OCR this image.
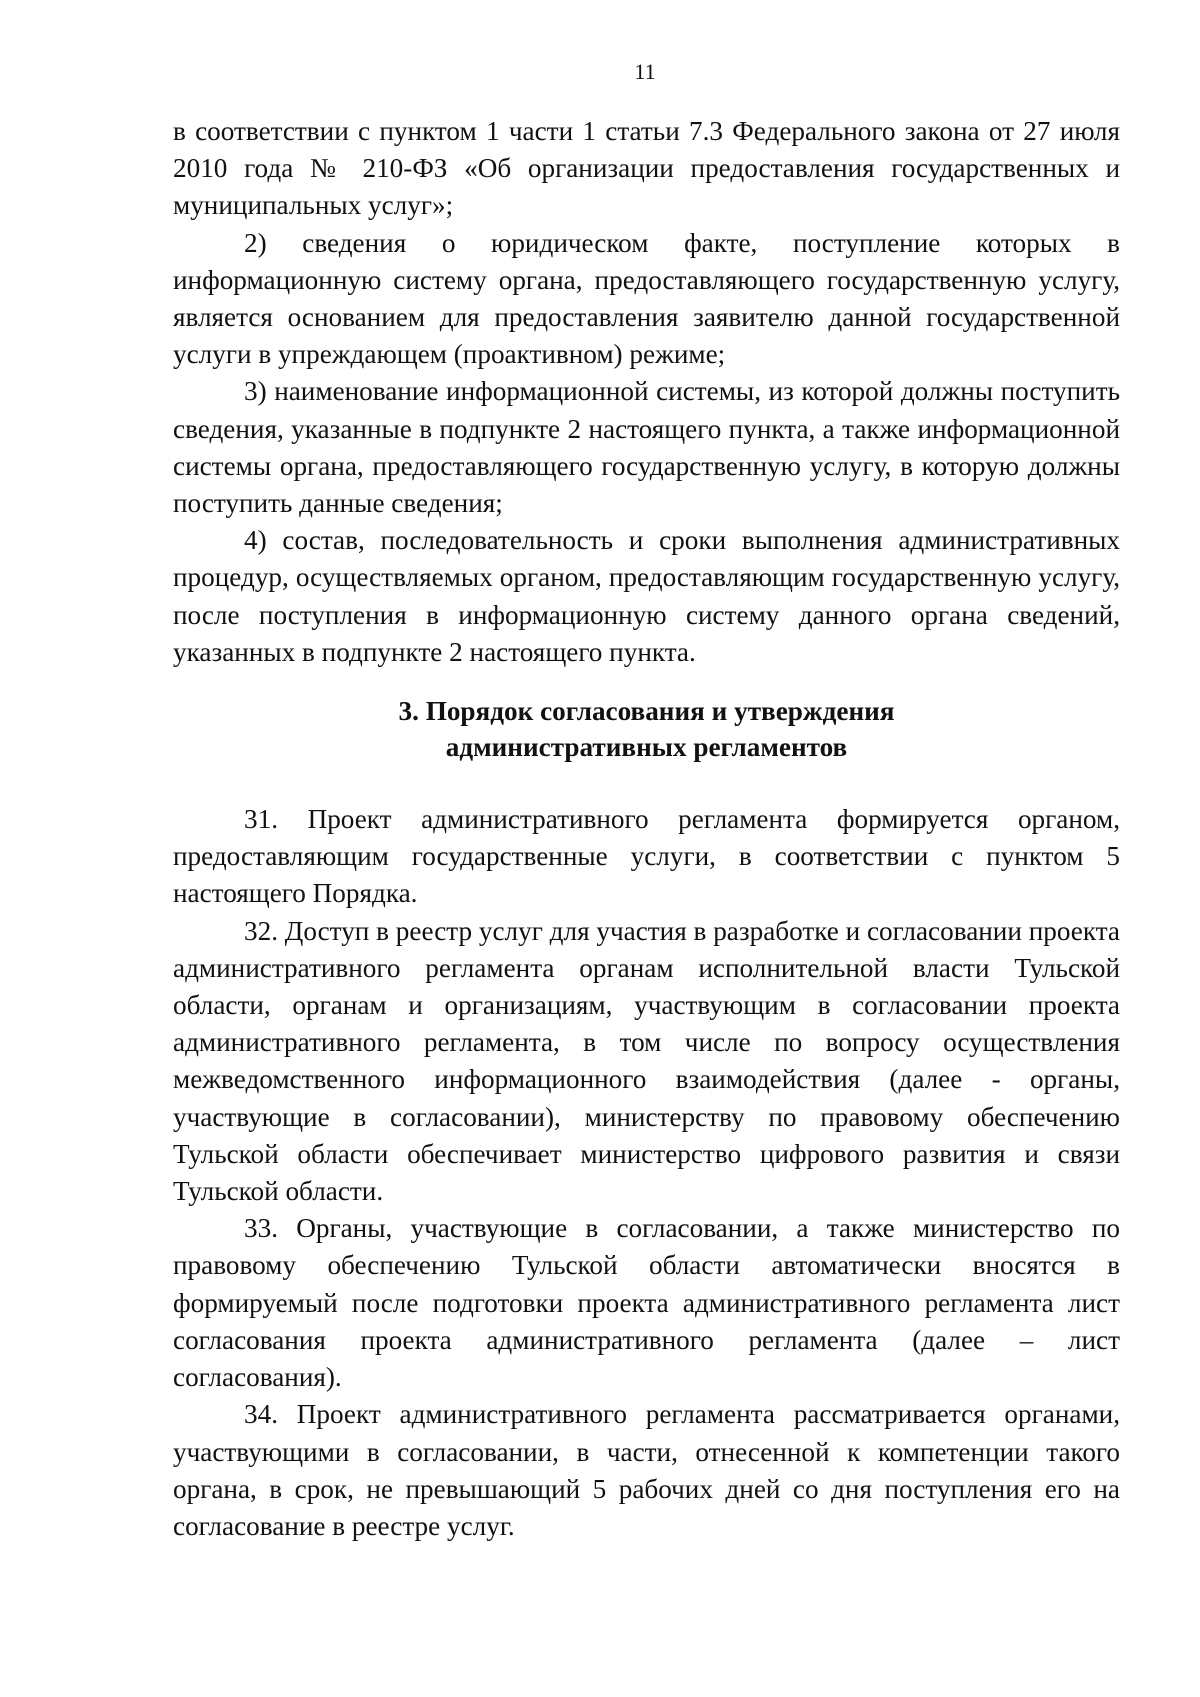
11

в соответствии с пунктом 1 части 1 статьи 7.3 Федерального закона от 27 июля 2010 года № 210-ФЗ «Об организации предоставления государственных и муниципальных услуг»;

2) сведения о юридическом факте, поступление которых в информационную систему органа, предоставляющего государственную услугу, является основанием для предоставления заявителю данной государственной услуги в упреждающем (проактивном) режиме;

3) наименование информационной системы, из которой должны поступить сведения, указанные в подпункте 2 настоящего пункта, а также информационной системы органа, предоставляющего государственную услугу, в которую должны поступить данные сведения;

4) состав, последовательность и сроки выполнения административных процедур, осуществляемых органом, предоставляющим государственную услугу, после поступления в информационную систему данного органа сведений, указанных в подпункте 2 настоящего пункта.

3. Порядок согласования и утверждения
административных регламентов

31. Проект административного регламента формируется органом, предоставляющим государственные услуги, в соответствии с пунктом 5 настоящего Порядка.

32. Доступ в реестр услуг для участия в разработке и согласовании проекта административного регламента органам исполнительной власти Тульской области, органам и организациям, участвующим в согласовании проекта административного регламента, в том числе по вопросу осуществления межведомственного информационного взаимодействия (далее - органы, участвующие в согласовании), министерству по правовому обеспечению Тульской области обеспечивает министерство цифрового развития и связи Тульской области.

33. Органы, участвующие в согласовании, а также министерство по правовому обеспечению Тульской области автоматически вносятся в формируемый после подготовки проекта административного регламента лист согласования проекта административного регламента (далее – лист согласования).

34. Проект административного регламента рассматривается органами, участвующими в согласовании, в части, отнесенной к компетенции такого органа, в срок, не превышающий 5 рабочих дней со дня поступления его на согласование в реестре услуг.
